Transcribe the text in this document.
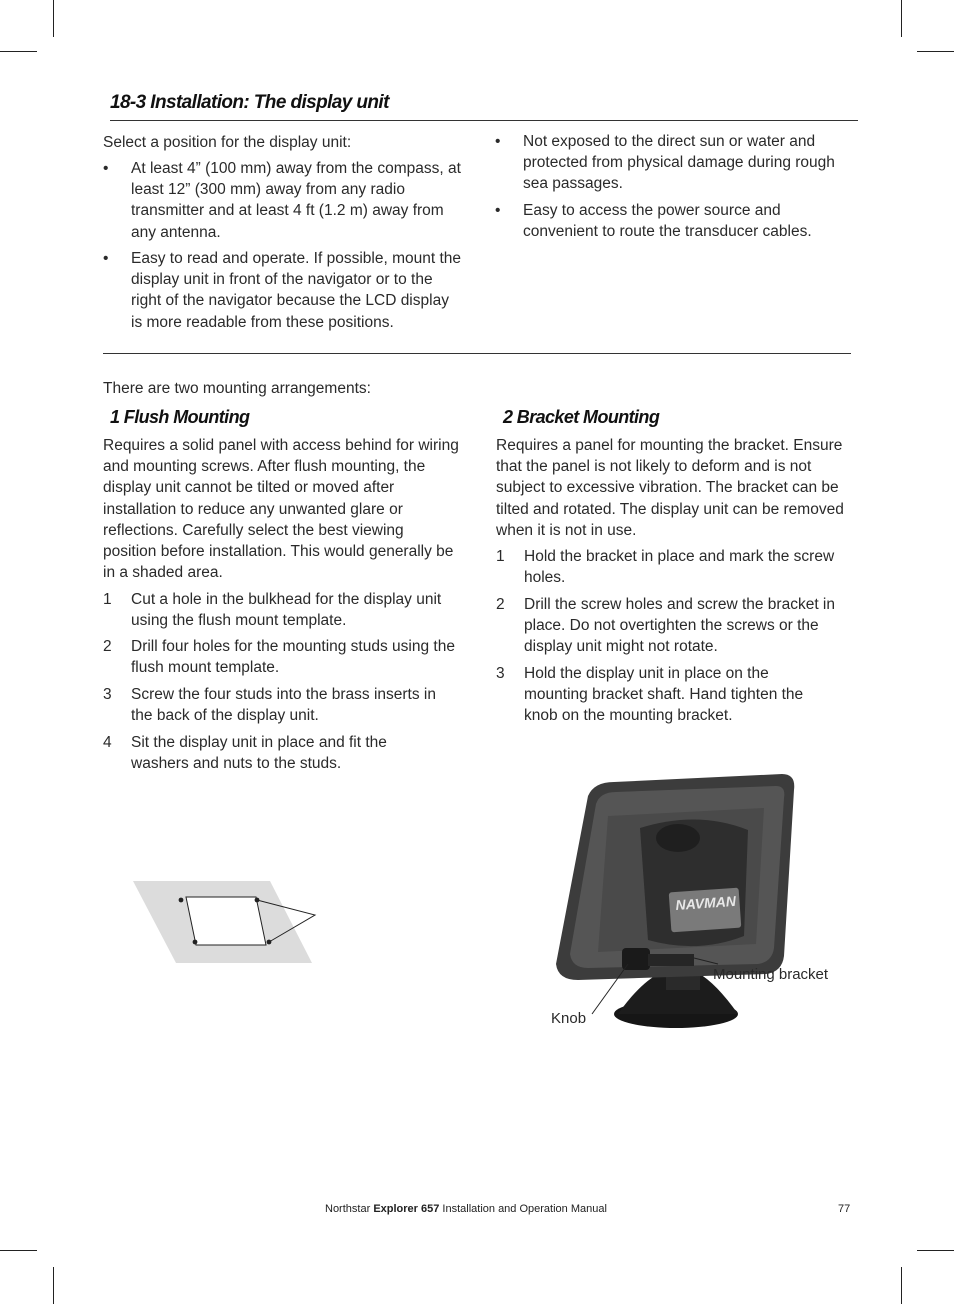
18-3 Installation: The display unit
Select a position for the display unit:
• At least 4” (100 mm) away from the compass, at least 12” (300 mm) away from any radio transmitter and at least 4 ft (1.2 m) away from any antenna.
• Easy to read and operate. If possible, mount the display unit in front of the navigator or to the right of the navigator because the LCD display is more readable from these positions.
• Not exposed to the direct sun or water and protected from physical damage during rough sea passages.
• Easy to access the power source and convenient to route the transducer cables.
There are two mounting arrangements:
1 Flush Mounting
Requires a solid panel with access behind for wiring and mounting screws. After flush mounting, the display unit cannot be tilted or moved after installation to reduce any unwanted glare or reflections. Carefully select the best viewing position before installation. This would generally be in a shaded area.
1 Cut a hole in the bulkhead for the display unit using the flush mount template.
2 Drill four holes for the mounting studs using the flush mount template.
3 Screw the four studs into the brass inserts in the back of the display unit.
4 Sit the display unit in place and fit the washers and nuts to the studs.
2 Bracket Mounting
Requires a panel for mounting the bracket. Ensure that the panel is not likely to deform and is not subject to excessive vibration. The bracket can be tilted and rotated. The display unit can be removed when it is not in use.
1 Hold the bracket in place and mark the screw holes.
2 Drill the screw holes and screw the bracket in place. Do not overtighten the screws or the display unit might not rotate.
3 Hold the display unit in place on the mounting bracket shaft. Hand tighten the knob on the mounting bracket.
NAVMAN
Mounting bracket
Knob
Northstar Explorer 657 Installation and Operation Manual	77
